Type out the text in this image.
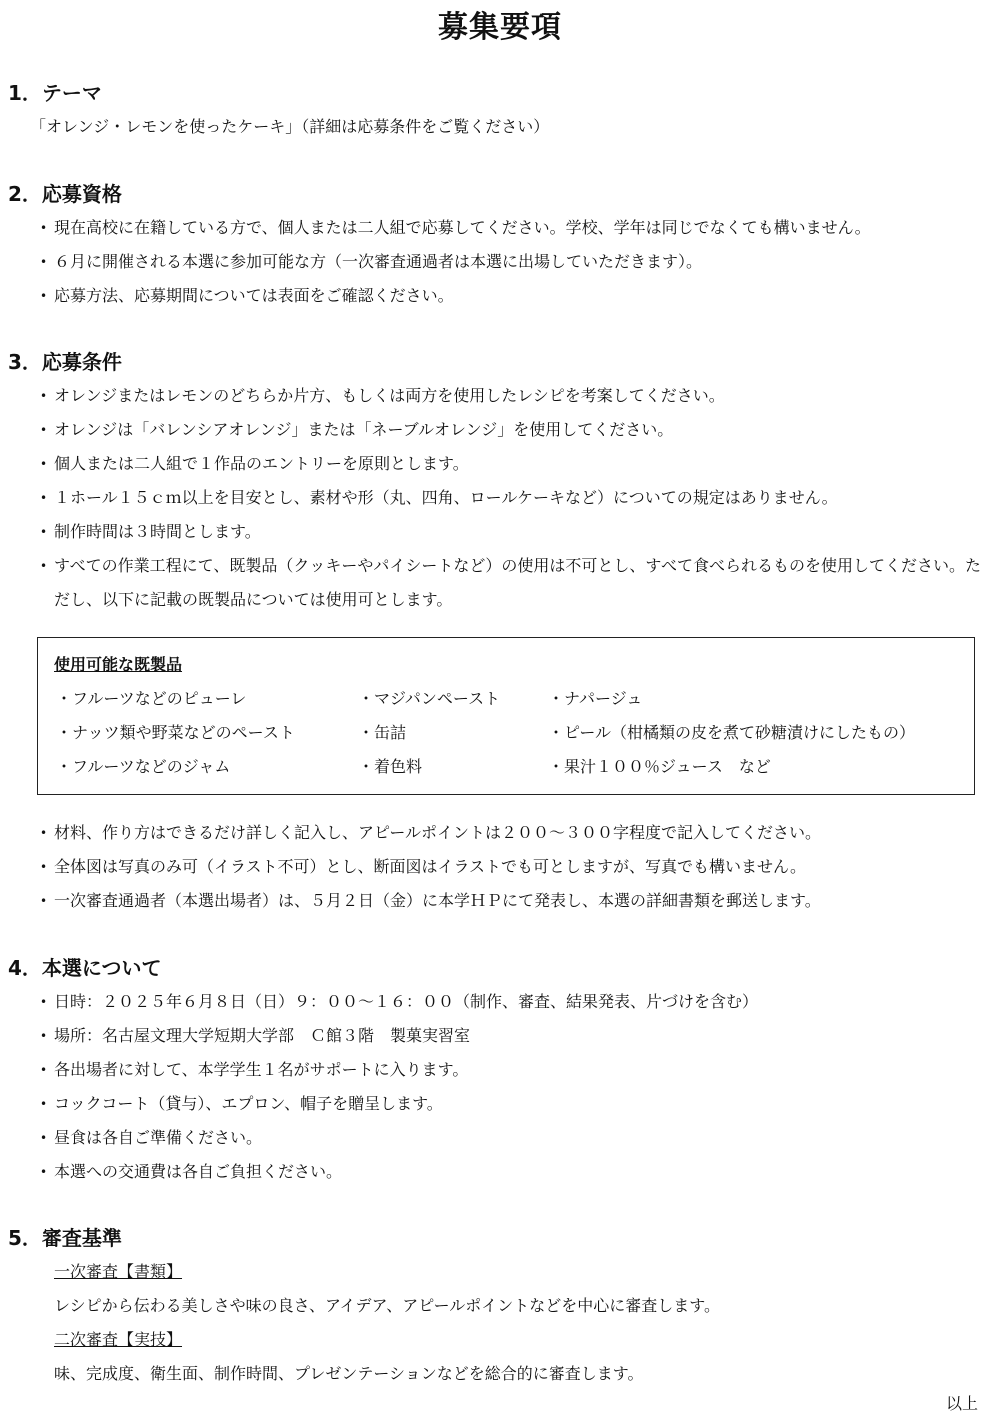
募集要項
1．テーマ
「オレンジ・レモンを使ったケーキ」（詳細は応募条件をご覧ください）
2．応募資格
• 現在高校に在籍している方で、個人または二人組で応募してください。学校、学年は同じでなくても構いません。
• ６月に開催される本選に参加可能な方（一次審査通過者は本選に出場していただきます）。
• 応募方法、応募期間については表面をご確認ください。
3．応募条件
• オレンジまたはレモンのどちらか片方、もしくは両方を使用したレシピを考案してください。
• オレンジは「バレンシアオレンジ」または「ネーブルオレンジ」を使用してください。
• 個人または二人組で１作品のエントリーを原則とします。
• １ホール１５ｃｍ以上を目安とし、素材や形（丸、四角、ロールケーキなど）についての規定はありません。
• 制作時間は３時間とします。
• すべての作業工程にて、既製品（クッキーやパイシートなど）の使用は不可とし、すべて食べられるものを使用してください。ただし、以下に記載の既製品については使用可とします。
使用可能な既製品
・フルーツなどのピューレ	・マジパンペースト	・ナパージュ
・ナッツ類や野菜などのペースト	・缶詰	・ピール（柑橘類の皮を煮て砂糖漬けにしたもの）
・フルーツなどのジャム	・着色料	・果汁１００％ジュース　など
• 材料、作り方はできるだけ詳しく記入し、アピールポイントは２００～３００字程度で記入してください。
• 全体図は写真のみ可（イラスト不可）とし、断面図はイラストでも可としますが、写真でも構いません。
• 一次審査通過者（本選出場者）は、５月２日（金）に本学ＨＰにて発表し、本選の詳細書類を郵送します。
4．本選について
• 日時：２０２５年６月８日（日）９：００～１６：００（制作、審査、結果発表、片づけを含む）
• 場所：名古屋文理大学短期大学部　Ｃ館３階　製菓実習室
• 各出場者に対して、本学学生１名がサポートに入ります。
• コックコート（貸与）、エプロン、帽子を贈呈します。
• 昼食は各自ご準備ください。
• 本選への交通費は各自ご負担ください。
5．審査基準
一次審査【書類】
レシピから伝わる美しさや味の良さ、アイデア、アピールポイントなどを中心に審査します。
二次審査【実技】
味、完成度、衛生面、制作時間、プレゼンテーションなどを総合的に審査します。
以上
